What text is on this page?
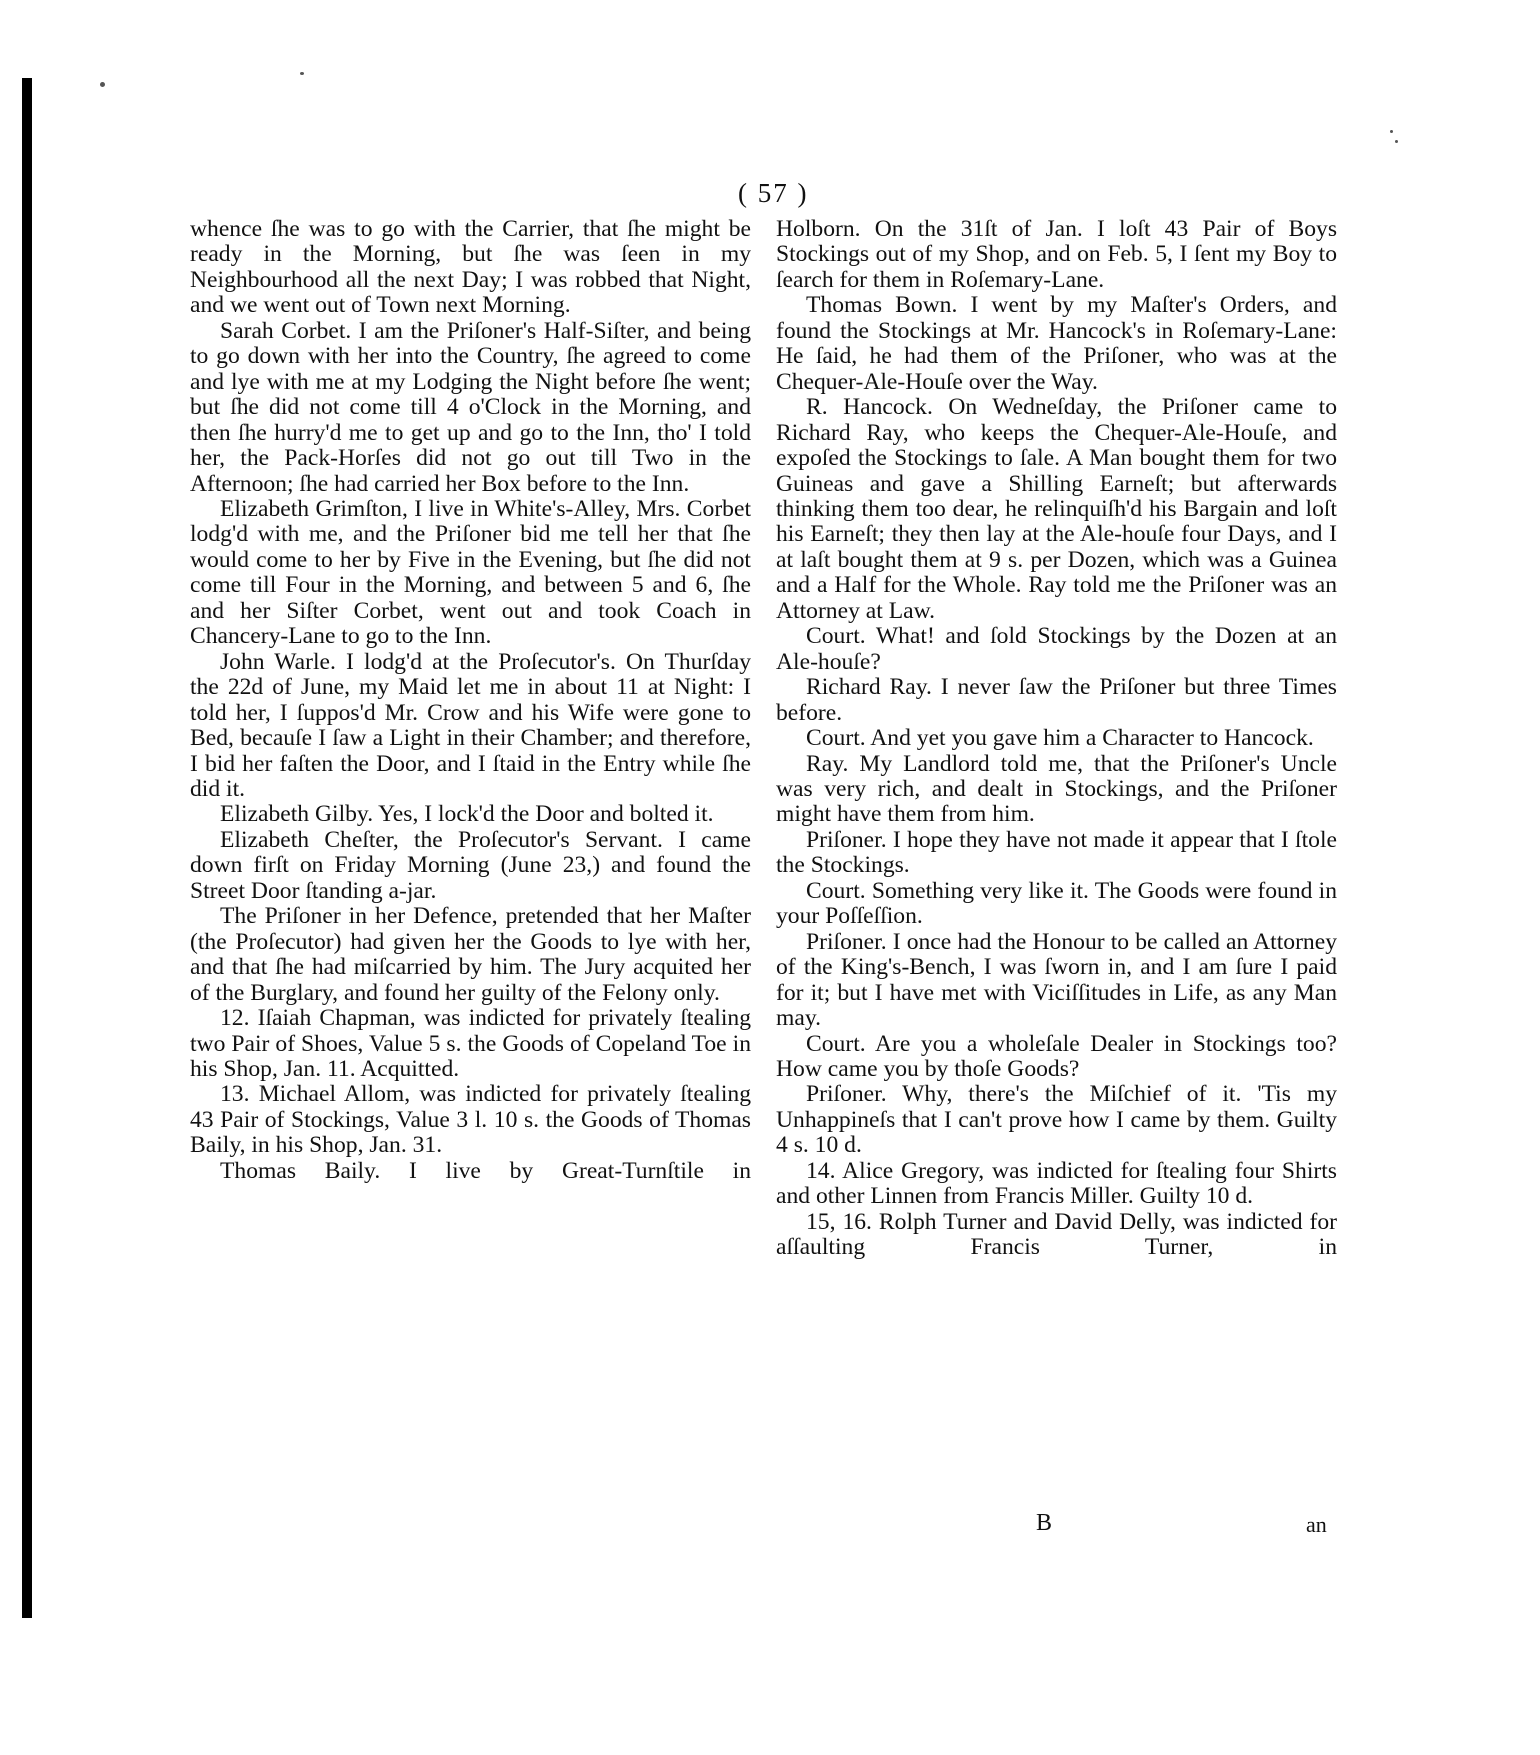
( 57 )

whence ſhe was to go with the Carrier, that ſhe might be ready in the Morning, but ſhe was ſeen in my Neighbourhood all the next Day; I was robbed that Night, and we went out of Town next Morning.

Sarah Corbet. I am the Priſoner's Half-Siſter, and being to go down with her into the Country, ſhe agreed to come and lye with me at my Lodging the Night before ſhe went; but ſhe did not come till 4 o'Clock in the Morning, and then ſhe hurry'd me to get up and go to the Inn, tho' I told her, the Pack-Horſes did not go out till Two in the Afternoon; ſhe had carried her Box before to the Inn.

Elizabeth Grimſton, I live in White's-Alley, Mrs. Corbet lodg'd with me, and the Priſoner bid me tell her that ſhe would come to her by Five in the Evening, but ſhe did not come till Four in the Morning, and between 5 and 6, ſhe and her Siſter Corbet, went out and took Coach in Chancery-Lane to go to the Inn.

John Warle. I lodg'd at the Proſecutor's. On Thurſday the 22d of June, my Maid let me in about 11 at Night: I told her, I ſuppos'd Mr. Crow and his Wife were gone to Bed, becauſe I ſaw a Light in their Chamber; and therefore, I bid her faſten the Door, and I ſtaid in the Entry while ſhe did it.

Elizabeth Gilby. Yes, I lock'd the Door and bolted it.

Elizabeth Cheſter, the Proſecutor's Servant. I came down firſt on Friday Morning (June 23,) and found the Street Door ſtanding a-jar.

The Priſoner in her Defence, pretended that her Maſter (the Proſecutor) had given her the Goods to lye with her, and that ſhe had miſcarried by him. The Jury acquited her of the Burglary, and found her guilty of the Felony only.

12. Iſaiah Chapman, was indicted for privately ſtealing two Pair of Shoes, Value 5 s. the Goods of Copeland Toe in his Shop, Jan. 11. Acquitted.

13. Michael Allom, was indicted for privately ſtealing 43 Pair of Stockings, Value 3 l. 10 s. the Goods of Thomas Baily, in his Shop, Jan. 31.

Thomas Baily. I live by Great-Turnſtile in

Holborn. On the 31ſt of Jan. I loſt 43 Pair of Boys Stockings out of my Shop, and on Feb. 5, I ſent my Boy to ſearch for them in Roſemary-Lane.

Thomas Bown. I went by my Maſter's Orders, and found the Stockings at Mr. Hancock's in Roſemary-Lane: He ſaid, he had them of the Priſoner, who was at the Chequer-Ale-Houſe over the Way.

R. Hancock. On Wedneſday, the Priſoner came to Richard Ray, who keeps the Chequer-Ale-Houſe, and expoſed the Stockings to ſale. A Man bought them for two Guineas and gave a Shilling Earneſt; but afterwards thinking them too dear, he relinquiſh'd his Bargain and loſt his Earneſt; they then lay at the Ale-houſe four Days, and I at laſt bought them at 9 s. per Dozen, which was a Guinea and a Half for the Whole. Ray told me the Priſoner was an Attorney at Law.

Court. What! and ſold Stockings by the Dozen at an Ale-houſe?

Richard Ray. I never ſaw the Priſoner but three Times before.

Court. And yet you gave him a Character to Hancock.

Ray. My Landlord told me, that the Priſoner's Uncle was very rich, and dealt in Stockings, and the Priſoner might have them from him.

Priſoner. I hope they have not made it appear that I ſtole the Stockings.

Court. Something very like it. The Goods were found in your Poſſeſſion.

Priſoner. I once had the Honour to be called an Attorney of the King's-Bench, I was ſworn in, and I am ſure I paid for it; but I have met with Viciſſitudes in Life, as any Man may.

Court. Are you a wholeſale Dealer in Stockings too? How came you by thoſe Goods?

Priſoner. Why, there's the Miſchief of it. 'Tis my Unhappineſs that I can't prove how I came by them. Guilty 4 s. 10 d.

14. Alice Gregory, was indicted for ſtealing four Shirts and other Linnen from Francis Miller. Guilty 10 d.

15, 16. Rolph Turner and David Delly, was indicted for aſſaulting Francis Turner, in

B	an
